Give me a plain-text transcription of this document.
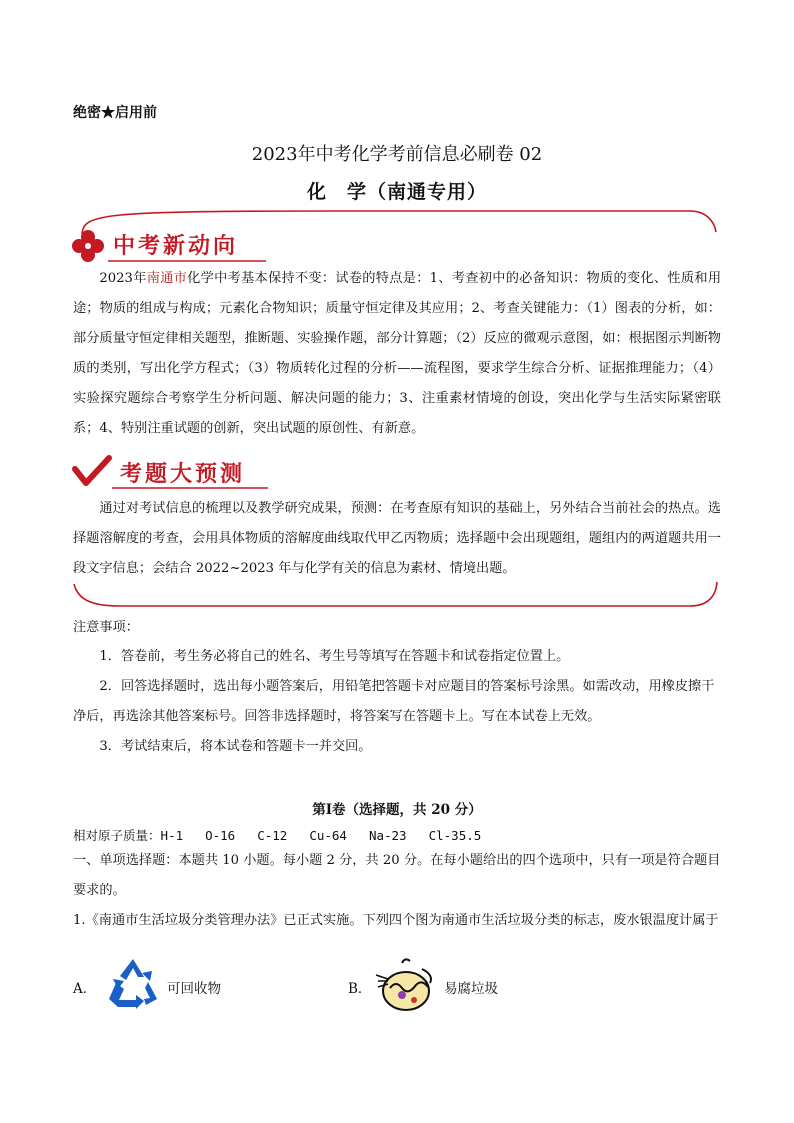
绝密★启用前
2023年中考化学考前信息必刷卷 02
化　学（南通专用）
中考新动向
2023年南通市化学中考基本保持不变：试卷的特点是：1、考查初中的必备知识：物质的变化、性质和用途；物质的组成与构成；元素化合物知识；质量守恒定律及其应用；2、考查关键能力：（1）图表的分析，如：部分质量守恒定律相关题型，推断题、实验操作题，部分计算题；（2）反应的微观示意图，如：根据图示判断物质的类别，写出化学方程式；（3）物质转化过程的分析——流程图，要求学生综合分析、证据推理能力；（4）实验探究题综合考察学生分析问题、解决问题的能力；3、注重素材情境的创设，突出化学与生活实际紧密联系；4、特别注重试题的创新，突出试题的原创性、有新意。
考题大预测
通过对考试信息的梳理以及教学研究成果，预测：在考查原有知识的基础上，另外结合当前社会的热点。选择题溶解度的考查，会用具体物质的溶解度曲线取代甲乙丙物质；选择题中会出现题组，题组内的两道题共用一段文字信息；会结合 2022~2023 年与化学有关的信息为素材、情境出题。
注意事项：
1．答卷前，考生务必将自己的姓名、考生号等填写在答题卡和试卷指定位置上。
2．回答选择题时，选出每小题答案后，用铅笔把答题卡对应题目的答案标号涂黑。如需改动，用橡皮擦干净后，再选涂其他答案标号。回答非选择题时，将答案写在答题卡上。写在本试卷上无效。
3．考试结束后，将本试卷和答题卡一并交回。
第Ⅰ卷（选择题，共 20 分）
相对原子质量：H-1 O-16 C-12 Cu-64 Na-23 Cl-35.5
一、单项选择题：本题共 10 小题。每小题 2 分，共 20 分。在每小题给出的四个选项中，只有一项是符合题目要求的。
1.《南通市生活垃圾分类管理办法》已正式实施。下列四个图为南通市生活垃圾分类的标志，废水银温度计属于
A．	可回收物	B．	易腐垃圾
